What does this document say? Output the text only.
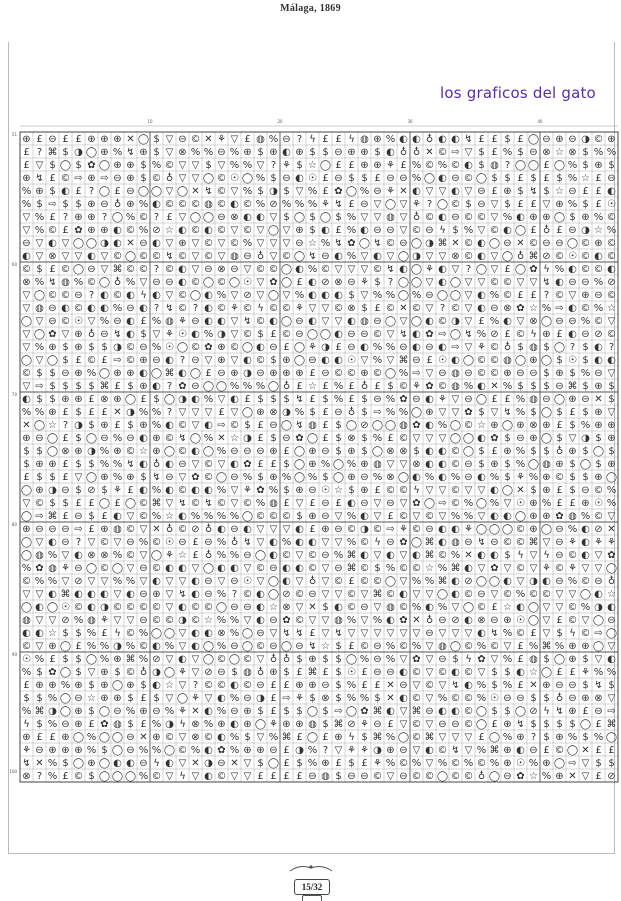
Málaga, 1869
los graficos del gato
10	20	30	40
51
60
70
80
90
100
⊕ £ ⊖ £ £ ⊕ ⊕ ⊕ ✕ ◯ $ ▽ ⊖ © ✕ ⚘ ▽ £ ◍ % ⊖ ? ϟ £ £ ϟ ◍ ⊕ % ◐ ◐ ♁ ◐ ◐ ↯ £ £ $ £ ◯ ⊖ ⊕ ⊖ ◑ © ⊕
£ ? ⌘ $ ◑ ◯ ⊕ % ↯ ⊕ $ ▽ ⊗ % % ⊖ % ⊕ $ ⊕ ◐ ⊕ $ $ ⊖ ⊕ ⊕ $ ◐ ♁ ♁ ✕ © ⇨ ▽ $ £ % $ ⊖ ⊗ ☆ ⊗ $ % %
£ ▽ $ ◯ $ ✿ ◯ ⊕ ⊕ $ % © ▽ ▽ $ ▽ % % ▽ ? ⚘ $ ☆ ◯ £ £ ⊕ ⊕ ⚘ £ % © % © ◐ $ ◍ ? ◯ ◯ £ ◯ % $ ⊕ $
⊕ ↯ £ © ⇨ ⊕ ⇨ ⊖ ⊕ $ © ♁ ▽ ▽ ◯ © ☉ ◯ % $ ⊖ ◐ ☉ £ ⊖ $ $ £ ⊖ ⊖ % ◯ ◐ ⊖ © ◯ $ $ £ $ £ $ % ☆ £ ⊖
% ⊕ $ ◐ £ ? ◯ £ ⊖ ◯ ◯ ▽ ◯ ✕ ↯ © ▽ % $ ◑ $ ▽ % £ ✿ ◯ % ⊖ ⚘ ✕ ◐ ▽ ▽ ◐ ▽ ⊖ £ ⊕ $ ↯ $ ☆ ⊖ £ £ ◐
% $ ⇨ $ $ ⊕ ⊖ ♁ ⊕ % ◐ © © © ◍ © ◐ © % ⊘ % % % ⚘ ↯ £ ⊖ ▽ ◯ ▽ ⚘ ? ◯ © $ ⊖ ▽ $ £ £ ▽ ⊕ % $ £ ☉
▽ % £ ? ⊕ ⊕ ? ◯ % © ? £ ▽ ◯ ◯ ⊖ ⊗ ◐ ◐ ▽ $ ◯ $ ◯ $ % ▽ ▽ ◍ ▽ ♁ © ◐ ⊖ © © ▽ % ◐ ⊕ ⊕ ◯ $ ⊕ % ©
▽ % © £ ✿ ⊕ ⊕ ◐ © % ⊘ ☆ ◐ © ◐ © ▽ © ▽ ◯ ▽ ⊕ $ ◐ £ % ◐ ⊖ ⊖ ▽ © ⊖ ϟ $ % ▽ © ◐ ◯ £ ♁ £ ⊖ ◑ ☆ %
⊖ ▽ ◐ ▽ ◯ ◯ ◑ ◐ ✕ ⊖ ◐ ▽ ⊕ ▽ © ▽ © % ▽ ▽ ▽ ⊖ ☆ % ↯ ✿ ◯ ↯ © ⊖ ◯ ◑ ⌘ ✕ © ◐ ◯ ⊖ ✕ © ⊖ ⊖ ◯ © ⊕ ©
◐ ▽ ⊗ ▽ ▽ ◐ ▽ © ◯ © © ↯ © ▽ © ▽ ◍ ⊖ ♁ ▽ © ◯ ↯ ⊖ ◐ % ▽ ◐ ▽ ◯ ◑ ▽ ▽ ⊗ © ◐ ▽ ◯ ♁ ⌘ ⊘ © ☉ © ◐ ©
© $ £ © ◯ ⊖ ▽ ⌘ © © ? © ◐ ▽ ⊖ ⊗ ⊖ ▽ © © ◯ ◐ % © ▽ ▽ ▽ © ↯ ◐ ◯ ⚘ ◐ ▽ ? ◯ ▽ £ ◯ ✿ ϟ % ◐ © © ◐
⊗ % ↯ ◍ % © ◯ ♁ % ▽ ⊖ ⊖ ◐ © ◯ © ◯ ☉ ▽ ✿ ◯ £ ◐ ⊘ ⊗ ⊖ ⚘ $ ? ◯ ◯ ▽ ◐ ◯ ▽ ▽ © © ▽ ▽ ↯ ◐ ⊖ ⊖ % ⊘
▽ ◯ © © ⊖ ? ◐ © ◐ ϟ ◐ ▽ © ◯ ◐ % ▽ ⊘ ▽ ◯ ▽ % ◐ ◐ ◐ $ ▽ % % ◯ % ⊖ ◯ ◯ ▽ ◐ % © £ £ ? © ▽ ⊕ ⊖ ©
▽ ◍ ⊖ ◐ © ◐ ◐ % ⊖ ◐ ? ↯ © ? ◐ © ⚘ © ϟ © © ⚘ ▽ ▽ © ⊗ $ £ © ✕ © ▽ ? © ▽ ◐ ⊖ ⊗ ✿ ☆ % ⇨ ◐ © % ☆
◯ ▽ ⊖ © ☉ ▽ % ⊖ ◐ £ % ◍ ⚘ ⊖ ◐ ◐ ▽ ↯ © ◐ ◯ ⊖ ◐ ▽ ▽ ◐ ◍ ⊖ ◯ ▽ ◯ ◐ © ◑ ▽ £ % ◐ ▽ ⊗ ◯ ⊖ ⊖ % © ▽
▽ ◯ ✿ ▽ ⊕ ♁ ⊖ ↯ ◐ $ ▽ ⚘ ☉ ◐ % ◑ ▽ © $ £ © ⊖ ◯ ◯ ◐ ⊖ ⊖ © ▽ ↯ ◐ ✿ ⇨ ◯ ↯ % ⊘ £ © ϟ ⊕ £ ◐ ⊖ ⊘ ©
▽ % ⊕ $ ⊕ $ $ ◑ © ⊖ % ☉ ◯ © ✿ ⊕ © ◯ ◐ ⊖ £ ◯ ⚘ ◑ £ ⊖ ◐ % % ⊖ ◐ ⊖ ◐ ⇨ ▽ ⚘ © ♁ $ ◍ $ ◯ ? $ ◐ ?
◯ ▽ ◯ $ £ © £ ⇨ © ⊕ ⊖ ◐ ? ⊖ ▽ ⊕ ▽ ◐ © $ ⊕ ◯ ⊖ ◐ ◐ ☉ ▽ % ▽ ⌘ ⊖ £ ☉ ◐ ◯ © © ◍ ◯ ⊕ ◯ $ ☉ $ ◐ ◐
© $ $ ⊖ ⊕ % ◯ ⊕ ⊕ ◐ ◯ ⌘ ◐ ◯ £ ⊖ ⊕ ◑ ⊖ ⊕ ⊕ ⊕ £ ⊖ © © ⊕ © ◯ % ⇨ ▽ ⊖ ◍ ⊖ © © ⊕ ⊖ ⊖ $ ⊕ $ % ⊖ ▽
▽ ⇨ $ $ $ $ ⌘ £ $ ⊕ ◐ ? ✿ ⊖ ◯ ◯ % % % ◯ ♁ £ ☆ £ % £ ♁ £ $ © ⚘ ✿ © ◍ % ◐ ✕ % $ $ $ ⊖ ⌘ $ ⊕ $
◐ $ $ ⊕ ⊕ £ ⊗ ⊕ ◯ £ $ ◯ ◑ ◐ % ▽ ◐ £ $ $ $ ↯ £ $ % £ $ ⊖ % ✿ ⊖ ◐ ⚘ ▽ ⊖ ◯ £ £ % ◍ ⊖ ◯ ⊕ ⊖ ✕ $
% % ⊕ £ $ £ £ ✕ ◑ % % ? ▽ ▽ ▽ £ ▽ ◯ ⊕ ⊗ ◑ % $ £ ⊖ ♁ $ ⇨ % % ◯ ⊕ ▽ ▽ ✿ $ ▽ ↯ % $ ◯ $ £ $ ⊕ ▽
✕ ◯ ☆ ? ◑ $ ⊕ £ $ ⊕ % ◐ © ▽ ◐ ⇨ © $ £ ⊖ ◯ ↯ ◍ £ $ ◯ ⊘ ◯ ◯ ◍ ✿ ◐ % ◯ © ☆ ⊕ ◯ ⊕ ⊗ ⊕ £ $ % ⊕ ⊕
⊕ ⊖ ◯ £ $ ◯ ⊖ % ⊖ ◐ ⊕ © ↯ ◯ % ✕ ☆ ◑ £ $ ⊖ ✿ ◯ £ $ ⊗ $ % £ © ▽ ▽ ▽ ◯ ◯ ◐ ✿ $ ⊖ ⊕ ◯ $ ▽ ◑ $ ⊕
$ $ ◯ ⊗ ⊕ ◑ % ⊕ © ☆ ⊕ ◯ © ◐ ◯ % ⊖ ⊖ ⊖ ⊕ £ ◯ ⊕ ⊖ $ ⊕ $ ◯ ⊗ ⊗ $ ◐ ◐ © ◯ $ £ ⊕ % $ $ ♁ ⊕ $ ◯ $
$ ⊕ ⊕ £ $ $ % % ↯ ◐ ♁ ◐ ⊖ ▽ © ▽ ◐ ✿ £ £ $ ◯ ⊕ % ◯ % ⊕ ◍ ▽ ▽ ⊗ ◐ ◐ © ⊖ $ ⊕ $ % ◯ ◍ ⊕ $ ◯ $ ⊕
£ $ $ £ ▽ ◯ ⊕ % ⊕ $ ↯ ⊖ ▽ ✿ © ◯ ⊖ % $ ⊕ % ◯ % $ ◯ ⊕ ⊖ % ⊗ ◯ ◐ % ◐ % ⊖ ◐ % $ ⚘ % ⊕ © $ $ ⊕ ◯
◯ ⊕ ◑ ⊖ $ ⊘ $ ⚘ £ ◐ % ◐ © ◐ ◐ % ▽ ⚘ ✿ % $ ⊕ ⊖ ☉ ☆ $ ⊕ £ © © ϟ ▽ ▽ © ▽ ▽ ◐ ◯ ✕ $ ⊕ £ $ ⊖ © %
▽ © $ $ £ £ ◯ £ ◯ © ⌘ ▽ ↯ © ↯ © ▽ © % ◍ £ ▽ £ ⊖ £ ◐ ⊖ ▽ ⊖ ▽ ✿ ◯ ⇨ © % ◯ % ▽ ☉ ⊕ % £ £ ⊕ ☉ %
◯ ⇨ ⌘ £ ⊖ $ £ ◐ ▽ © % ☆ ◐ % % % % ◯ © © © $ ⊕ ⊖ ▽ % ◐ ▽ £ © ▽ © ▽ % % ▽ ◐ ◐ ◯ ⊕ ⊕ ✿ ◍ % © ▽
⊕ ⊖ ⊖ ⊖ ⇨ £ ⊕ ◍ © ▽ ✕ ♁ © ⊘ ♁ ◐ ⊖ ◐ ▽ ▽ ▽ ◐ £ ⊕ ⊖ © ◑ © ⇨ ⚘ © ⊖ ◐ ◐ ⚘ ◯ ◯ ◯ © ⊕ ◯ ⊖ % ◐ ⊘ ✕
◯ ▽ ◐ ⊖ ? ▽ © ▽ ⊖ % © ☉ ⊖ £ ⊖ % ♁ ↯ ▽ ◐ % ◐ ◐ ▽ ▽ % © ϟ ⊖ ✿ ◯ ⌘ ◐ ◍ ⊖ ↯ ⊖ © © ⌘ ▽ ⊖ ⚘ ◐ ⚘ ⚘
◯ ◍ % ▽ ◐ ⊗ ⊗ % © ▽ ◯ ⚘ ☆ £ ♁ % % ⊖ ◯ ◐ © ▽ © ⊖ % ⌘ ◐ ▽ ◐ ▽ ◐ ⌘ © % ✕ ◐ ◐ $ ϟ ▽ ϟ ⊖ © ◐ ▽ ✿
% ✿ ◍ ⚘ ⊖ ◯ © ◯ ▽ ⊖ © ◐ ◐ ▽ ◯ ◐ ◐ ▽ © ⊖ ◐ ◐ © ▽ ⊖ ⌘ © $ % © © ☆ % ⌘ ◐ ▽ ✿ ▽ © ▽ ⚘ © ⚘ ▽ ▽ ◯
© % % ▽ ⊘ ▽ ▽ % % ▽ ◐ ▽ ▽ ◐ ⊖ ▽ ⊖ ☉ ▽ ◯ ◐ ▽ ♁ ▽ © £ © © ◯ ▽ % % ⌘ ◐ ⊘ ◯ ◯ ◐ ▽ ◑ ◐ ⊖ % © ⊖ ♁
▽ ▽ ◐ ⌘ ◐ ◐ ◐ ▽ ◐ ⊖ ⊕ ▽ ↯ ◐ ⊖ % ? © ◐ ◯ ⊘ © ⊖ ▽ ▽ © ▽ ⌘ © ◐ ▽ ▽ ◯ ◐ © ⊖ ▽ © % © © ▽ ▽ ◯ ◐ ☆
◯ ◐ ◯ ☉ © ◐ ◑ © © © © ▽ ◐ © © ◯ ⊖ ⊖ ◐ ☆ ⊗ ▽ ✕ $ ◐ © ⊖ ▽ ◍ © % ◐ % ▽ ◯ © £ ☆ ◐ ◯ ▽ ▽ © % ◑ ◐
◍ ▽ ▽ ⊘ % ◍ ⚘ ▽ ▽ ⊖ © © ◑ © ☆ % % ▽ ◐ ⊖ ✿ © ▽ ▽ ◍ % ▽ % ◐ ✿ ✕ ♁ ⊖ ⊘ ◐ ⊗ ⊖ ⊕ ☉ ◯ ▽ £ © ▽ ◯ ⊖
◐ ◐ ☆ $ $ % £ ϟ © % ◯ ◯ ▽ ◐ ◐ ⊗ % ◯ ⊖ ▽ ↯ ↯ £ ▽ ↯ ▽ ▽ ▽ ▽ ▽ ▽ ⊖ ▽ ▽ ▽ ◐ ↯ % © £ ▽ $ ϟ © ⇨ ◯
© ▽ ⊕ ◯ £ % % ◑ % © ◐ % ▽ ◐ ◯ % ⊖ ◯ © ⊖ ◯ ⊖ ↯ ☆ $ £ © ⊖ % © % ▽ ◍ ◯ © % © ▽ £ % ⌘ % ⊕ ⊕ ◯ ▽
☉ % £ $ $ ◯ % ⊕ ⌘ % ⊘ ▽ ◐ ▽ ◯ © ◯ © ▽ ♁ ♁ $ ⊕ $ $ ◯ % ⊖ % ▽ ✿ ▽ ⊖ $ ϟ ✿ ▽ % £ ◍ $ ◯ ⊕ $ ▽ ◐
% $ ✿ ◯ $ ▽ ⊕ $ © ♁ ◑ ◯ ⚘ ▽ ⊘ ⊖ $ ◍ ♁ ⊕ $ £ ⌘ £ $ ☉ £ ⊖ ⊖ ◐ © ▽ © ◐ © ▽ $ $ ◐ ☆ ◯ £ £ ⚘ % %
£ ⊕ ⊕ % ⊕ $ ⊕ ◯ ⊕ $ ◐ ☆ ▽ ? © © ◐ © ⊖ £ £ ⊕ ⊕ ⊖ $ % £ £ ✕ ⊖ ▽ © ▽ ↯ ◐ % $ % £ ✕ ⊕ ⊖ ⊖ $ ↯ $
$ $ % ◯ ⊖ ☆ ⊕ ⊕ $ £ $ ▽ ◯ ⚘ ▽ ◐ % ⊖ ◑ £ ⇨ ⚘ $ ⊗ $ % % $ ✕ ◐ © ▽ % © © % ☉ ⊖ ⊖ $ $ ♁ ⊖ ⊕ ⊗ ▽
% ⌘ ◑ ◯ ⊕ $ ◯ ⊖ % ⊕ ⊖ % ⚘ ✕ ◐ % ⊖ ⊕ $ £ $ $ ◯ $ ⇨ ◯ ✿ ⌘ ◐ ▽ ⌘ ⊖ ◐ ◐ © ◯ $ $ ◯ ⊘ ϟ ↯ ⊕ £ ⊖ ⇨
ϟ $ % ⊖ ⊕ £ ✿ ◍ $ £ % ◑ ϟ ⊗ % ⊕ ◐ ⊕ ◯ ⚘ ⊕ ⊕ ◍ $ ⌘ ⊘ ⚘ ⊖ £ ▽ © ▽ ⊖ ⊖ © ◯ £ ⊕ ↯ $ $ $ $ ◯ £ ⌘
⊕ £ £ ⊕ ◯ % ◯ ◯ ⊖ ✕ ⊕ © ▽ ⊗ © ◐ % $ ▽ % ⌘ £ ◯ £ ⊕ ϟ $ ⌘ % ◯ © ⌘ ▽ ▽ ▽ £ ◯ % ⊕ ? $ ⊕ % $ % ◯
⚘ ⊖ ⊕ ⊕ ⊕ % $ ◯ ⊖ % % ◯ © % ◐ ✿ % ⊕ ⊕ ⊖ £ ◑ % ? ▽ ⚘ ⚘ ◑ ⊕ ⊖ ▽ ◐ © ↯ ▽ % ⌘ ⊕ ◐ ⊖ £ © ◯ ✕ £ £
↯ ✕ % $ ◯ ⊕ ◯ ◐ ◐ ⊖ ϟ ◐ ▽ ✕ ◑ ⊖ ✕ ▽ $ ◯ £ $ % ⊕ £ $ £ ⚘ % © % ▽ % © % © % ⊕ ☉ % ⊕ ◯ ⇨ ▽ $ $
⊗ ? % £ © $ ◯ ◯ ◯ % © ▽ ϟ ▽ ◐ © ▽ ▽ £ £ £ £ ⊖ ◍ $ ⊖ ⊖ © ▽ ⊖ © © ◯ © © ♁ ◯ ⊖ ✿ ☆ % ⊕ ✕ ▽ £ ⊘
15/32
